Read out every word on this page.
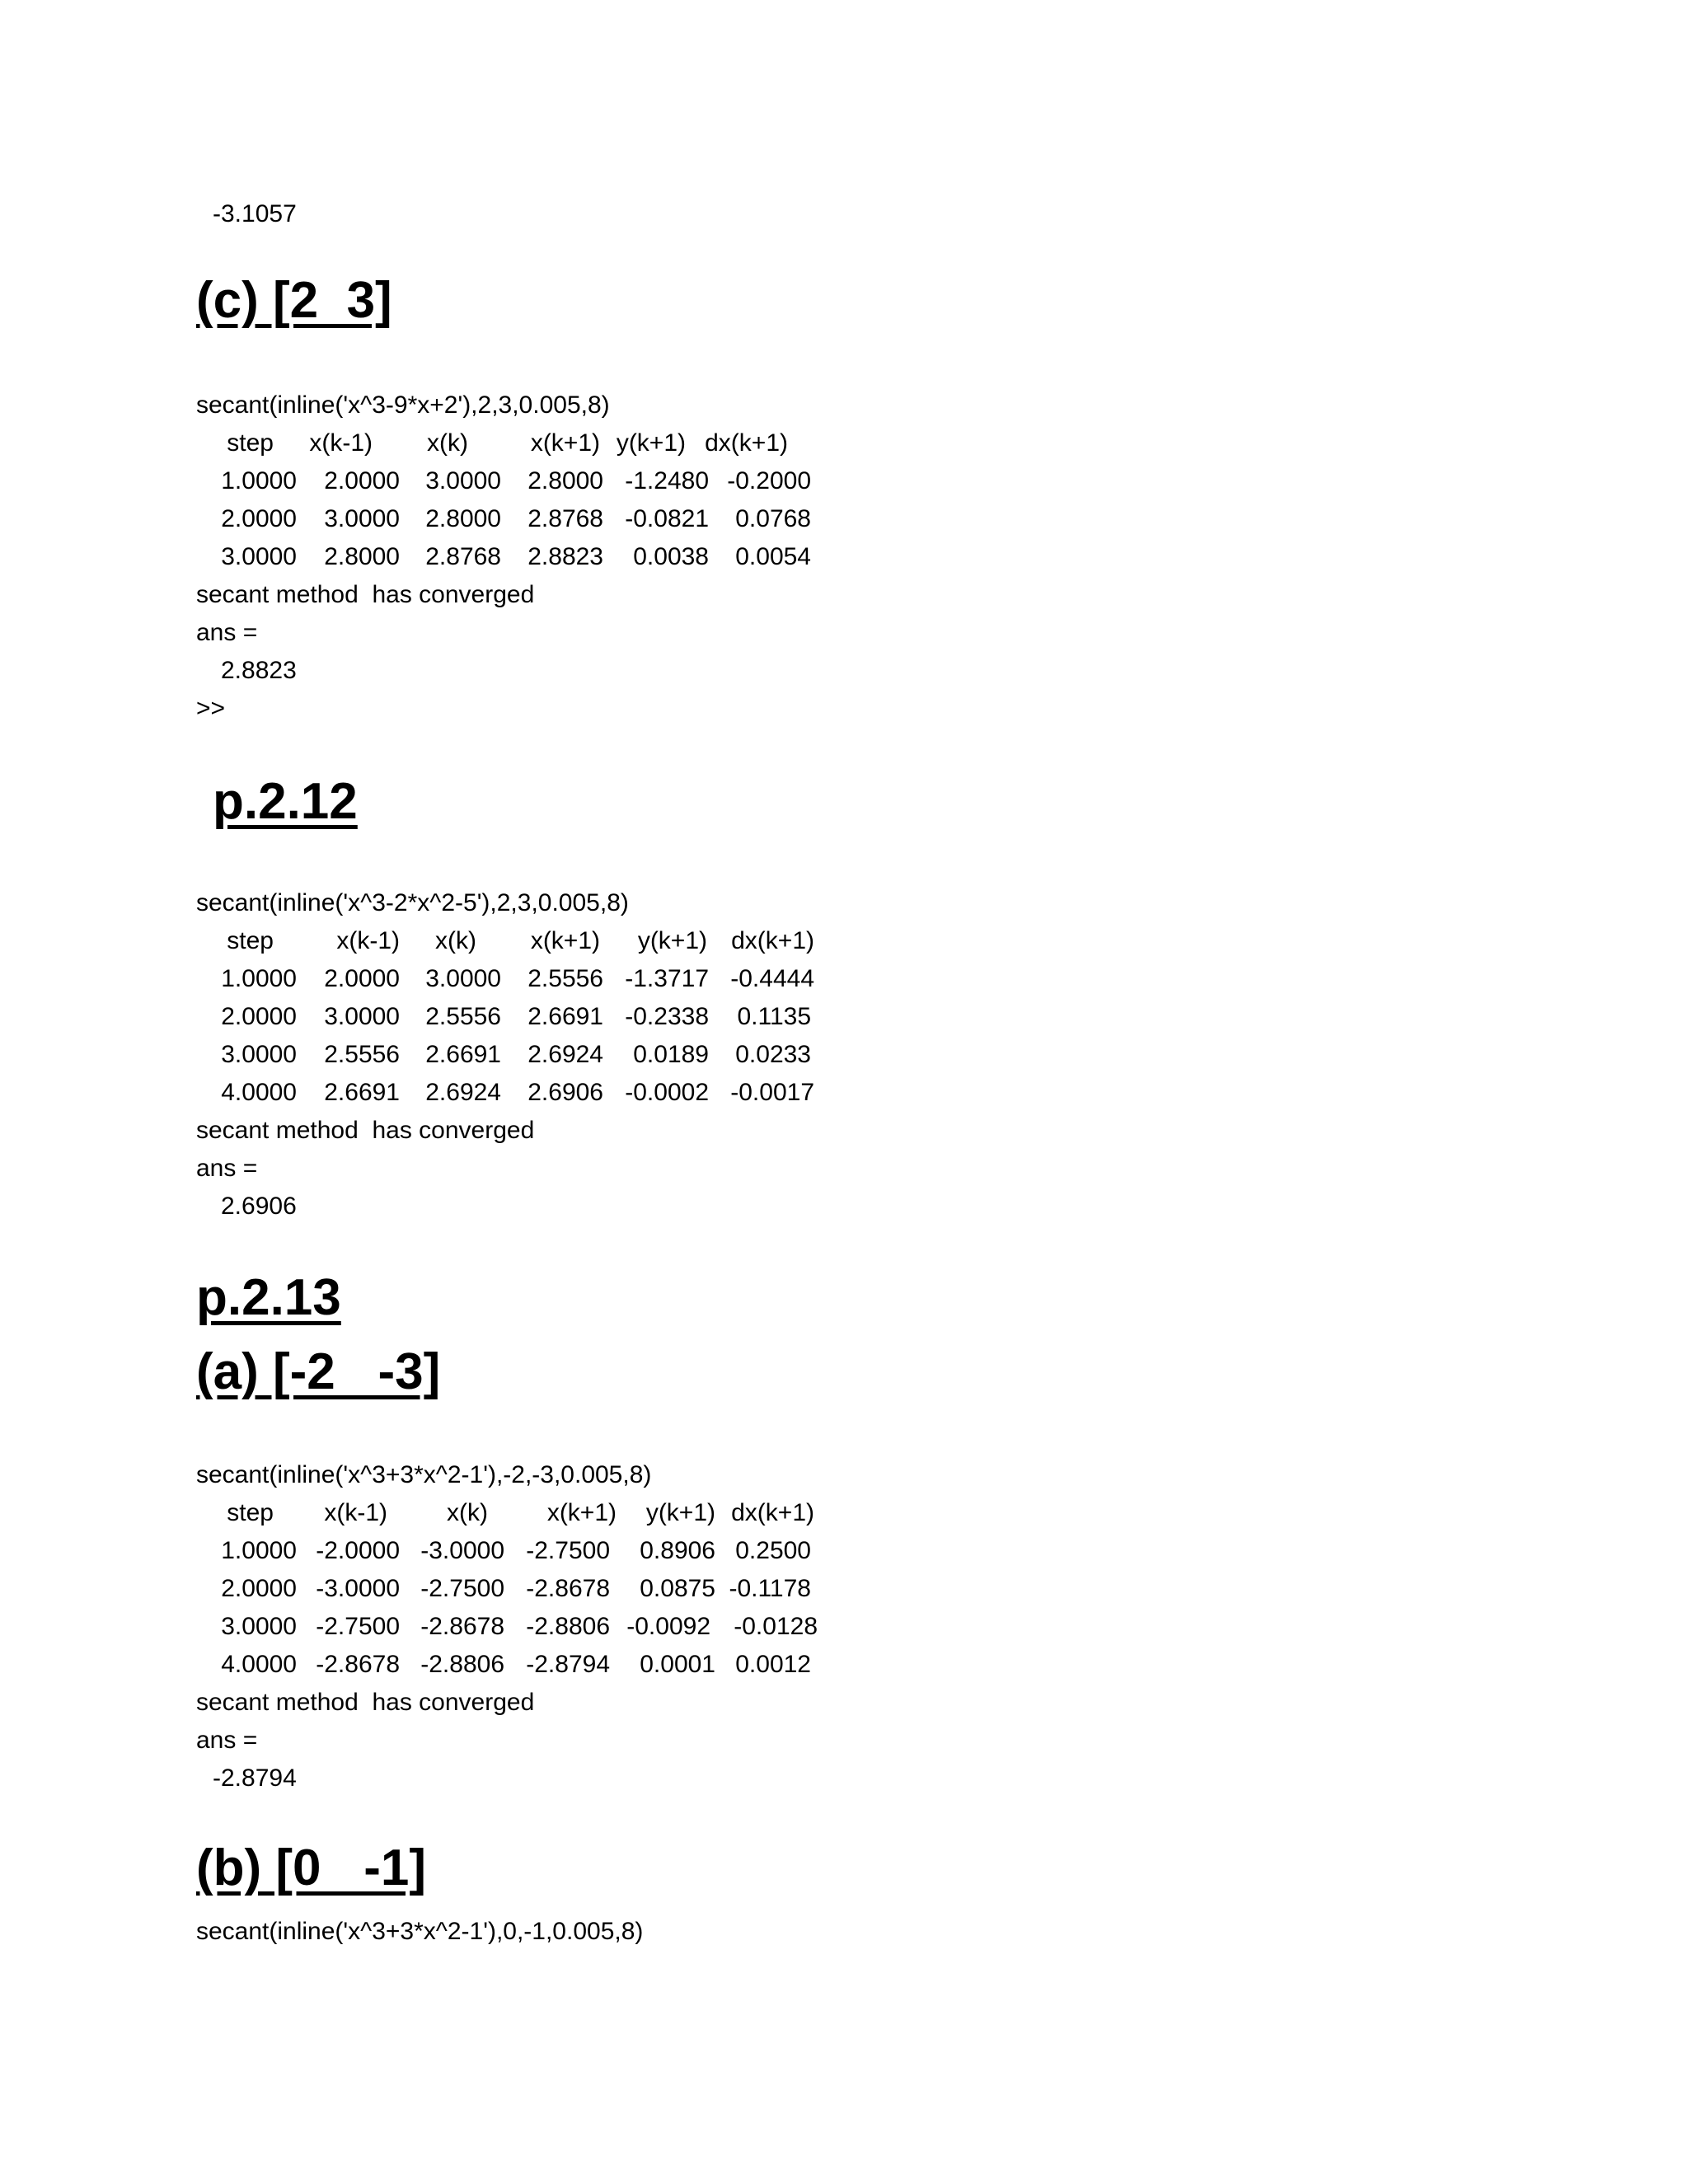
-3.1057
(c) [2  3]
secant(inline('x^3-9*x+2'),2,3,0.005,8)
step x(k-1) x(k)	x(k+1) y(k+1) dx(k+1)
1.0000 2.0000 3.0000 2.8000 -1.2480 -0.2000
2.0000 3.0000 2.8000 2.8768 -0.0821 0.0768
3.0000 2.8000 2.8768 2.8823 0.0038 0.0054
secant method  has converged
ans =
2.8823
>>
p.2.12
secant(inline('x^3-2*x^2-5'),2,3,0.005,8)
step	x(k-1) x(k) x(k+1) y(k+1) dx(k+1)
1.0000 2.0000 3.0000 2.5556 -1.3717 -0.4444
2.0000 3.0000 2.5556 2.6691 -0.2338 0.1135
3.0000 2.5556 2.6691 2.6924 0.0189 0.0233
4.0000 2.6691 2.6924 2.6906 -0.0002 -0.0017
secant method  has converged
ans =
2.6906
p.2.13
(a) [-2   -3]
secant(inline('x^3+3*x^2-1'),-2,-3,0.005,8)
step x(k-1) x(k) x(k+1) y(k+1) dx(k+1)
1.0000 -2.0000 -3.0000 -2.7500 0.8906 0.2500
2.0000 -3.0000 -2.7500 -2.8678 0.0875 -0.1178
3.0000 -2.7500 -2.8678 -2.8806 -0.0092 -0.0128
4.0000 -2.8678 -2.8806 -2.8794 0.0001 0.0012
secant method  has converged
ans =
-2.8794
(b) [0   -1]
secant(inline('x^3+3*x^2-1'),0,-1,0.005,8)
